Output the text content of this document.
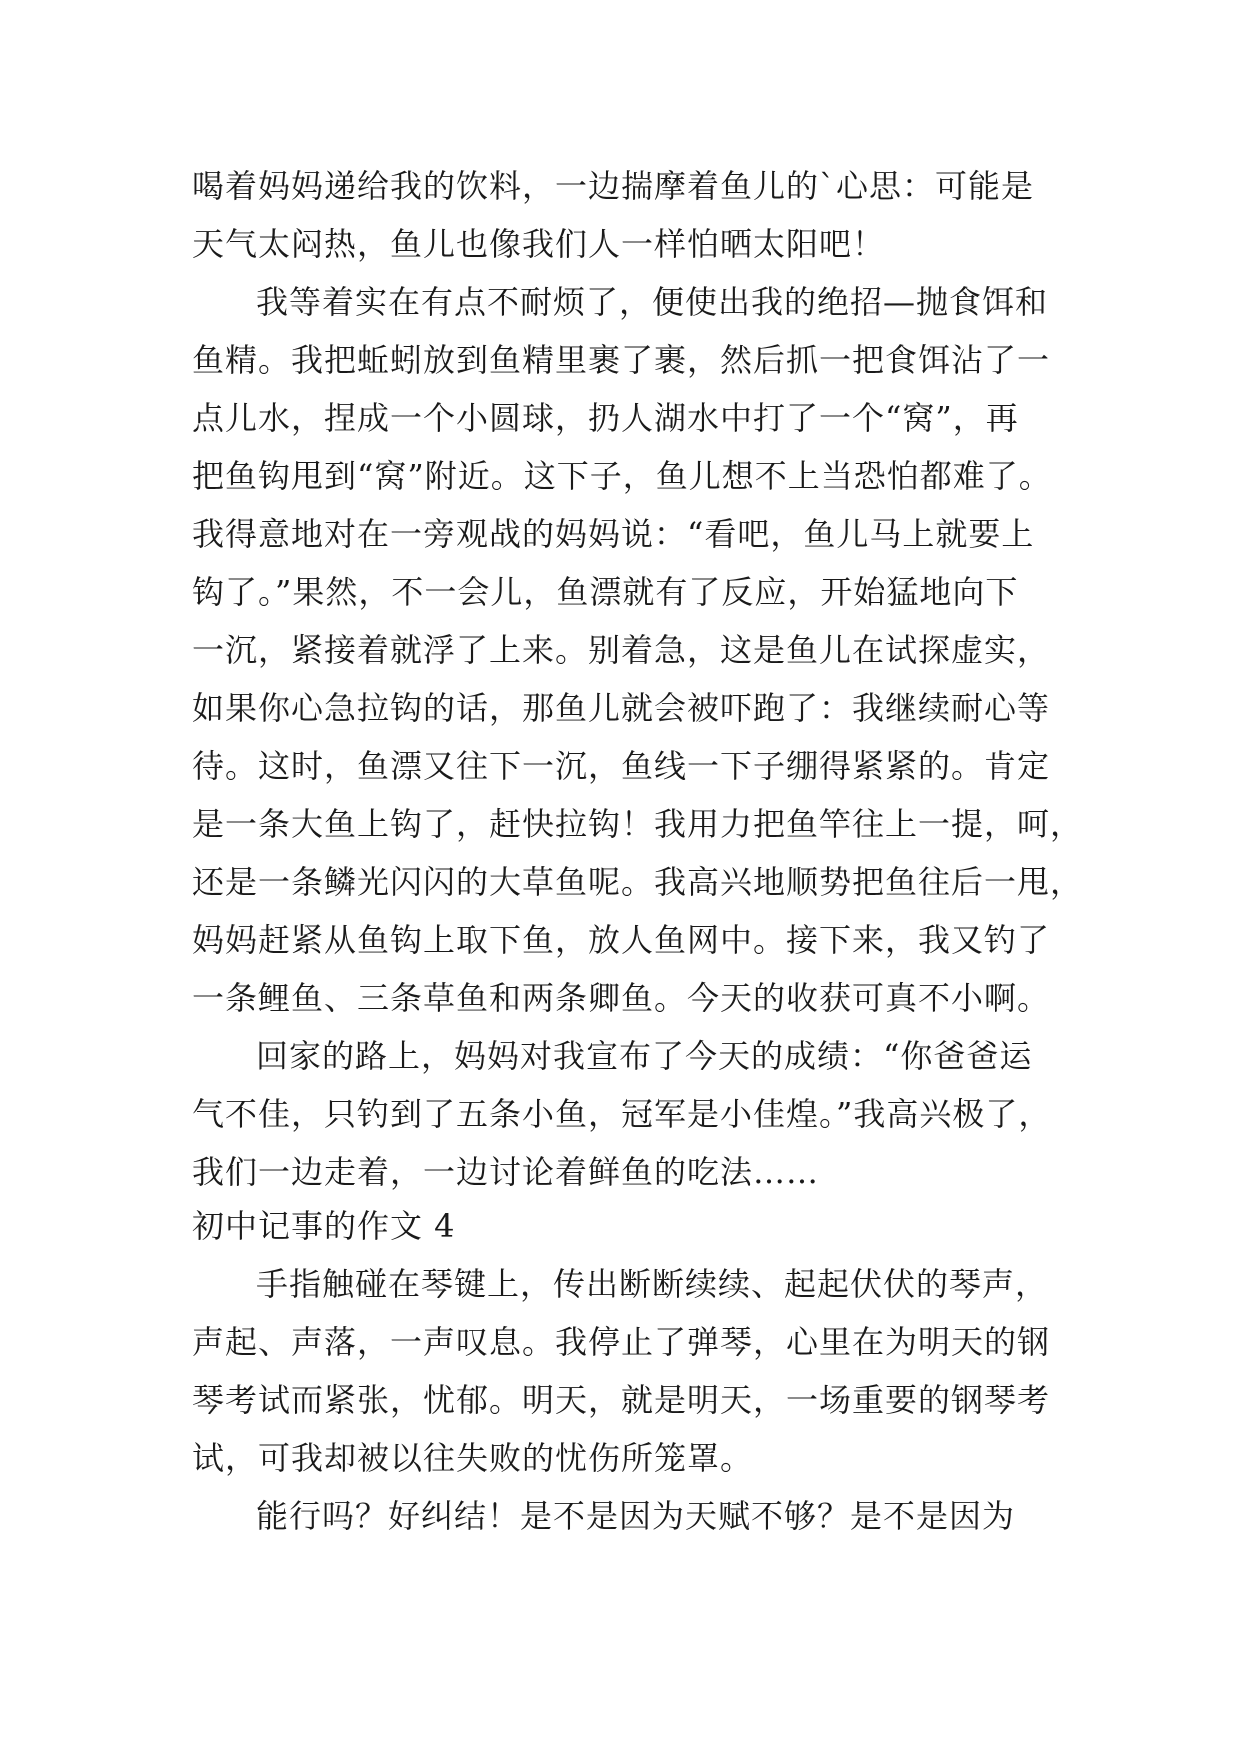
喝着妈妈递给我的饮料，一边揣摩着鱼儿的`心思：可能是
天气太闷热，鱼儿也像我们人一样怕晒太阳吧！
我等着实在有点不耐烦了，便使出我的绝招—抛食饵和
鱼精。我把蚯蚓放到鱼精里裹了裹，然后抓一把食饵沾了一
点儿水，捏成一个小圆球，扔人湖水中打了一个“窝”，再
把鱼钩甩到“窝”附近。这下子，鱼儿想不上当恐怕都难了。
我得意地对在一旁观战的妈妈说：“看吧，鱼儿马上就要上
钩了。”果然，不一会儿，鱼漂就有了反应，开始猛地向下
一沉，紧接着就浮了上来。别着急，这是鱼儿在试探虚实，
如果你心急拉钩的话，那鱼儿就会被吓跑了：我继续耐心等
待。这时，鱼漂又往下一沉，鱼线一下子绷得紧紧的。肯定
是一条大鱼上钩了，赶快拉钩！我用力把鱼竿往上一提，呵，
还是一条鳞光闪闪的大草鱼呢。我高兴地顺势把鱼往后一甩，
妈妈赶紧从鱼钩上取下鱼，放人鱼网中。接下来，我又钓了
一条鲤鱼、三条草鱼和两条卿鱼。今天的收获可真不小啊。
回家的路上，妈妈对我宣布了今天的成绩：“你爸爸运
气不佳，只钓到了五条小鱼，冠军是小佳煌。”我高兴极了，
我们一边走着，一边讨论着鲜鱼的吃法……
初中记事的作文 4
手指触碰在琴键上，传出断断续续、起起伏伏的琴声，
声起、声落，一声叹息。我停止了弹琴，心里在为明天的钢
琴考试而紧张，忧郁。明天，就是明天，一场重要的钢琴考
试，可我却被以往失败的忧伤所笼罩。
能行吗？好纠结！是不是因为天赋不够？是不是因为
